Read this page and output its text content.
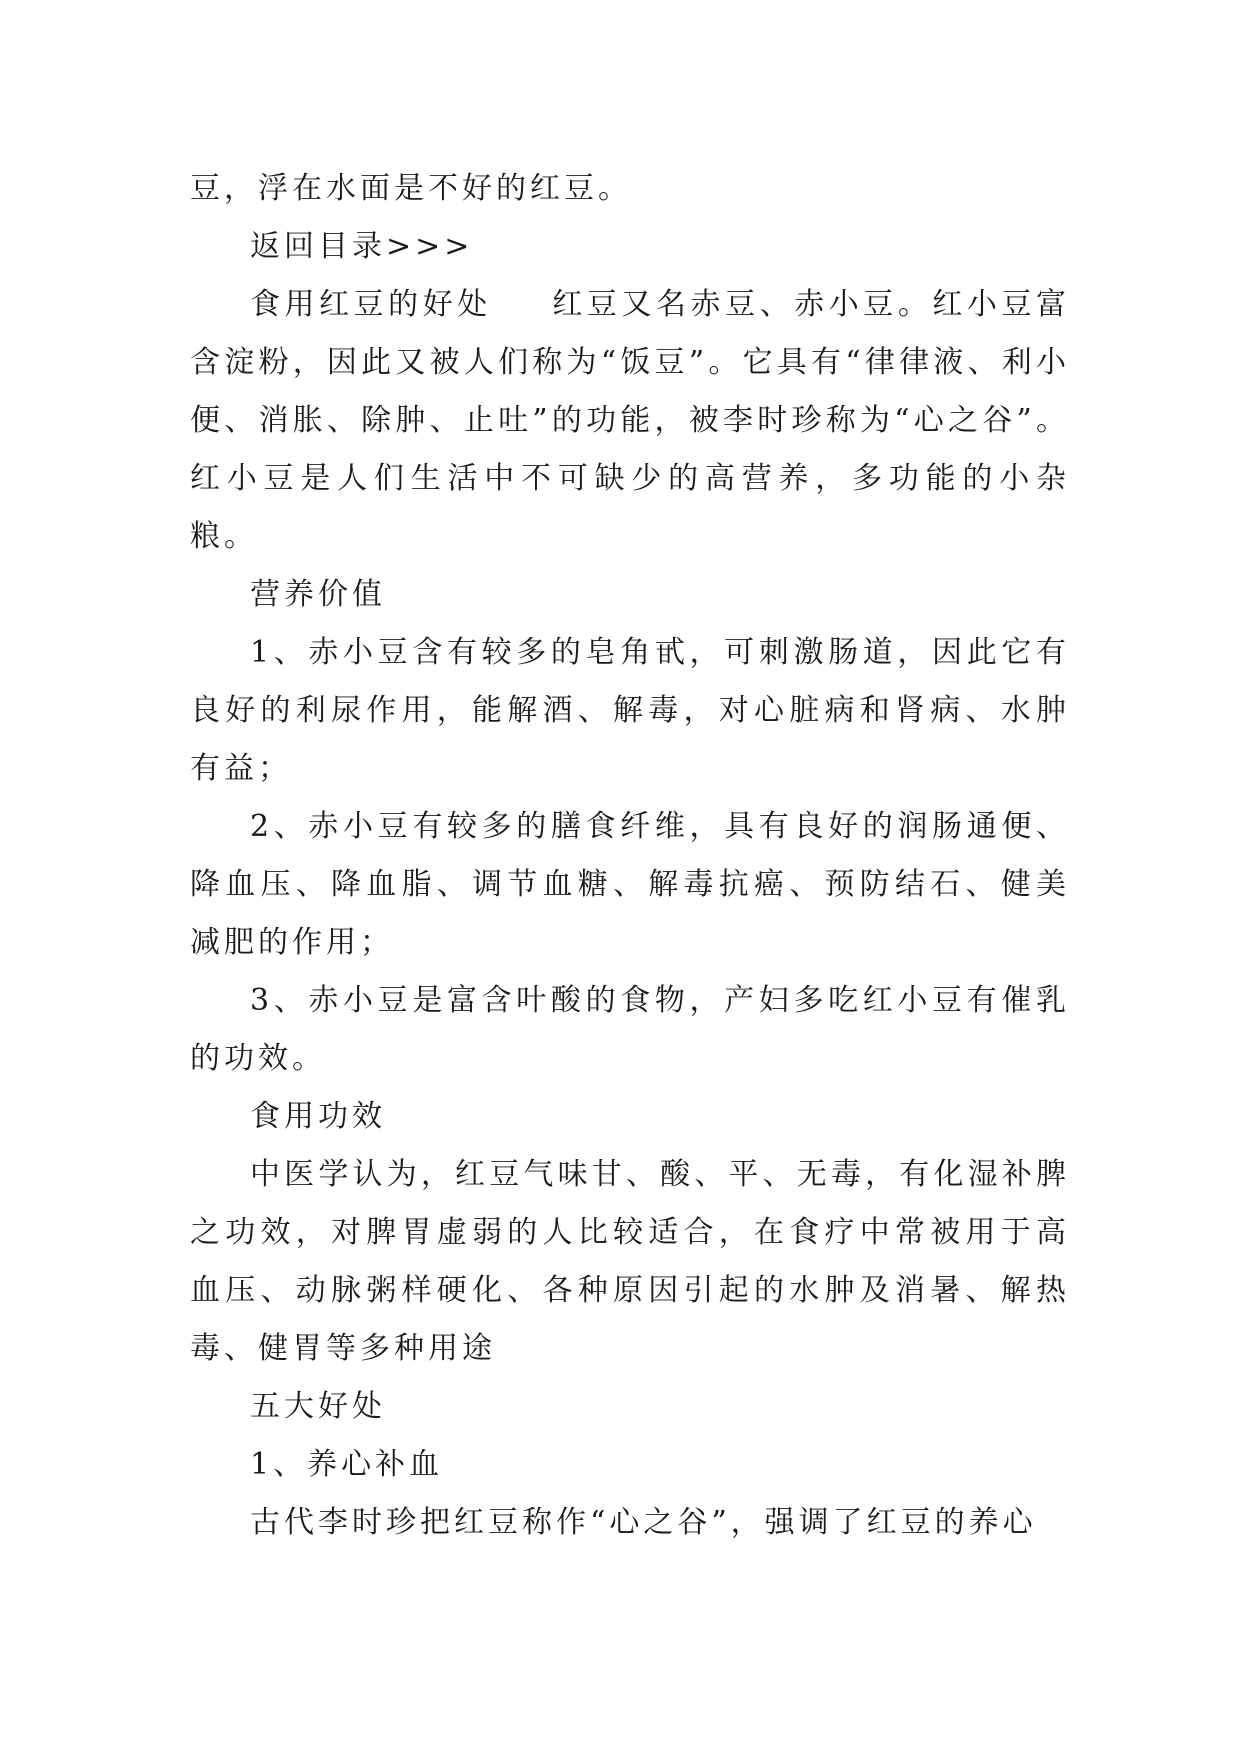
豆，浮在水面是不好的红豆。

返回目录>>>

食用红豆的好处 红豆又名赤豆、赤小豆。红小豆富含淀粉，因此又被人们称为“饭豆”。它具有“律律液、利小便、消胀、除肿、止吐”的功能，被李时珍称为“心之谷”。红小豆是人们生活中不可缺少的高营养，多功能的小杂粮。

营养价值

1、赤小豆含有较多的皂角甙，可刺激肠道，因此它有良好的利尿作用，能解酒、解毒，对心脏病和肾病、水肿有益；

2、赤小豆有较多的膳食纤维，具有良好的润肠通便、降血压、降血脂、调节血糖、解毒抗癌、预防结石、健美减肥的作用；

3、赤小豆是富含叶酸的食物，产妇多吃红小豆有催乳的功效。

食用功效

中医学认为，红豆气味甘、酸、平、无毒，有化湿补脾之功效，对脾胃虚弱的人比较适合，在食疗中常被用于高血压、动脉粥样硬化、各种原因引起的水肿及消暑、解热毒、健胃等多种用途

五大好处

1、养心补血

古代李时珍把红豆称作“心之谷”，强调了红豆的养心
